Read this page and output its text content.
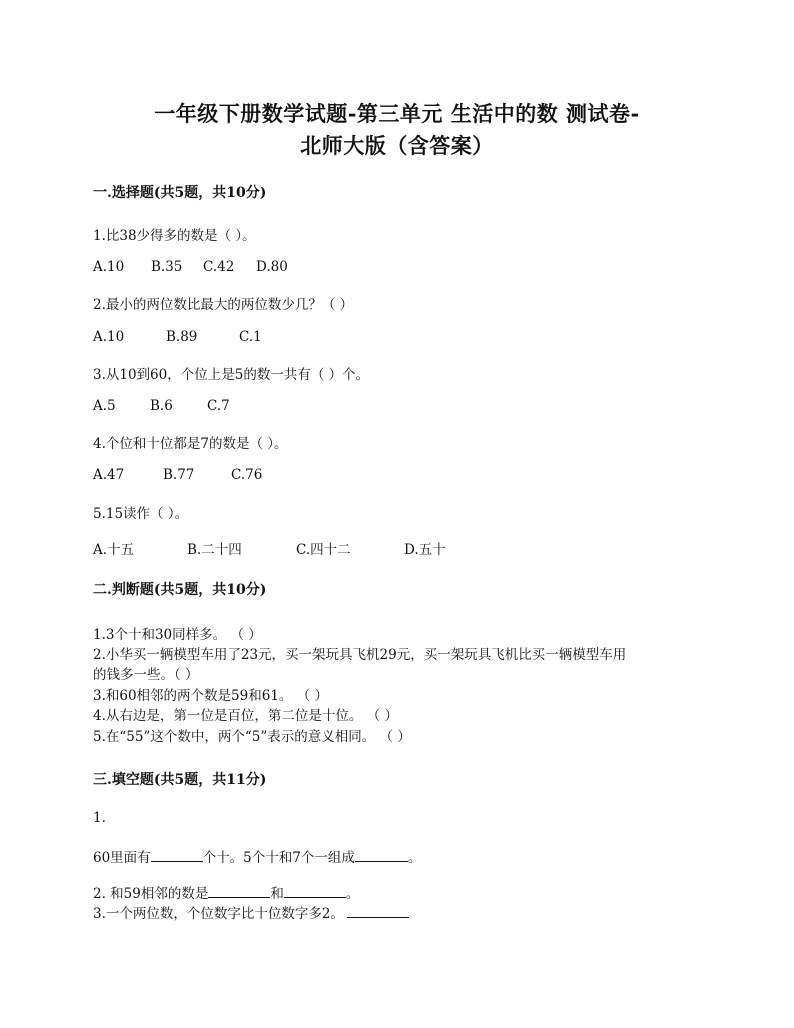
一年级下册数学试题-第三单元 生活中的数 测试卷-
北师大版（含答案）

一.选择题(共5题，共10分)

1.比38少得多的数是（ ）。

A.10 B.35 C.42 D.80

2.最小的两位数比最大的两位数少几？（ ）

A.10	B.89	C.1

3.从10到60，个位上是5的数一共有（ ）个。

A.5	B.6	C.7

4.个位和十位都是7的数是（ ）。

A.47	B.77	C.76

5.15读作（ ）。

A.十五	B.二十四	C.四十二	D.五十

二.判断题(共5题，共10分)

1.3个十和30同样多。 （ ）

2.小华买一辆模型车用了23元，买一架玩具飞机29元，买一架玩具飞机比买一辆模型车用

的钱多一些。（ ）

3.和60相邻的两个数是59和61。 （ ）

4.从右边是，第一位是百位，第二位是十位。 （ ）

5.在“55”这个数中，两个“5”表示的意义相同。 （ ）

三.填空题(共5题，共11分)

1.

60里面有	个十。5个十和7个一组成	。
2. 和59相邻的数是	和	。
3.一个两位数，个位数字比十位数字多2。
